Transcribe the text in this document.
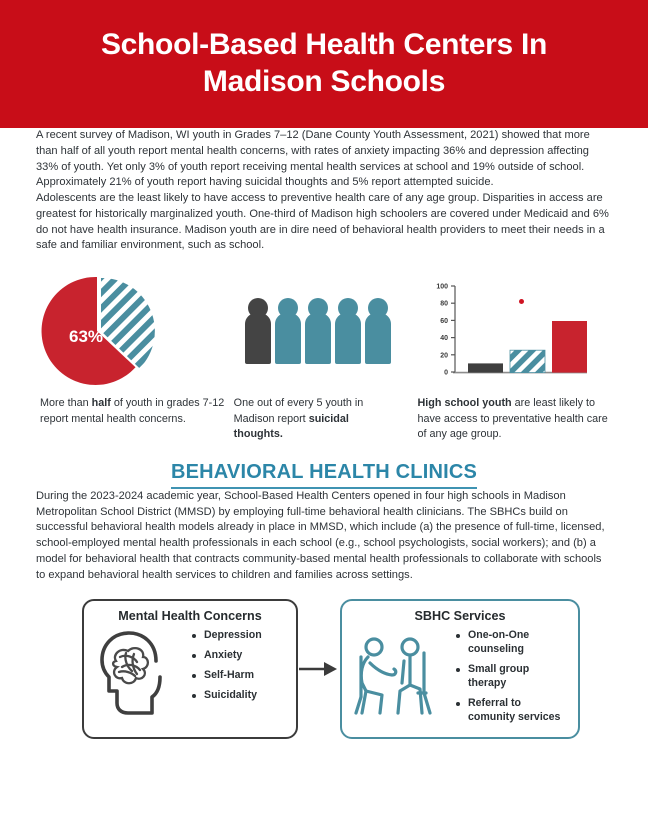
School-Based Health Centers In
Madison Schools

A recent survey of Madison, WI youth in Grades 7–12 (Dane County Youth Assessment, 2021) showed that more than half of all youth report mental health concerns, with rates of anxiety impacting 36% and depression affecting 33% of youth. Yet only 3% of youth report receiving mental health services at school and 19% outside of school. Approximately 21% of youth report having suicidal thoughts and 5% report attempted suicide.

Adolescents are the least likely to have access to preventive health care of any age group. Disparities in access are greatest for historically marginalized youth. One-third of Madison high schoolers are covered under Medicaid and 6% do not have health insurance. Madison youth are in dire need of behavioral health providers to meet their needs in a safe and familiar environment, such as school.

63%
More than half of youth in grades 7-12 report mental health concerns.
One out of every 5 youth in Madison report suicidal thoughts.
0
20
40
60
80
100
High school youth are least likely to have access to preventative health care of any age group.
BEHAVIORAL HEALTH CLINICS

During the 2023-2024 academic year, School-Based Health Centers opened in four high schools in Madison Metropolitan School District (MMSD) by employing full-time behavioral health clinicians. The SBHCs build on successful behavioral health models already in place in MMSD, which include (a) the presence of full-time, licensed, school-employed mental health professionals in each school (e.g., school psychologists, social workers); and (b) a model for behavioral health that contracts community-based mental health professionals to collaborate with schools to expand behavioral health services to children and families across settings.

Mental Health Concerns
Depression
Anxiety
Self-Harm
Suicidality
SBHC Services
One-on-One counseling
Small group therapy
Referral to comunity services
